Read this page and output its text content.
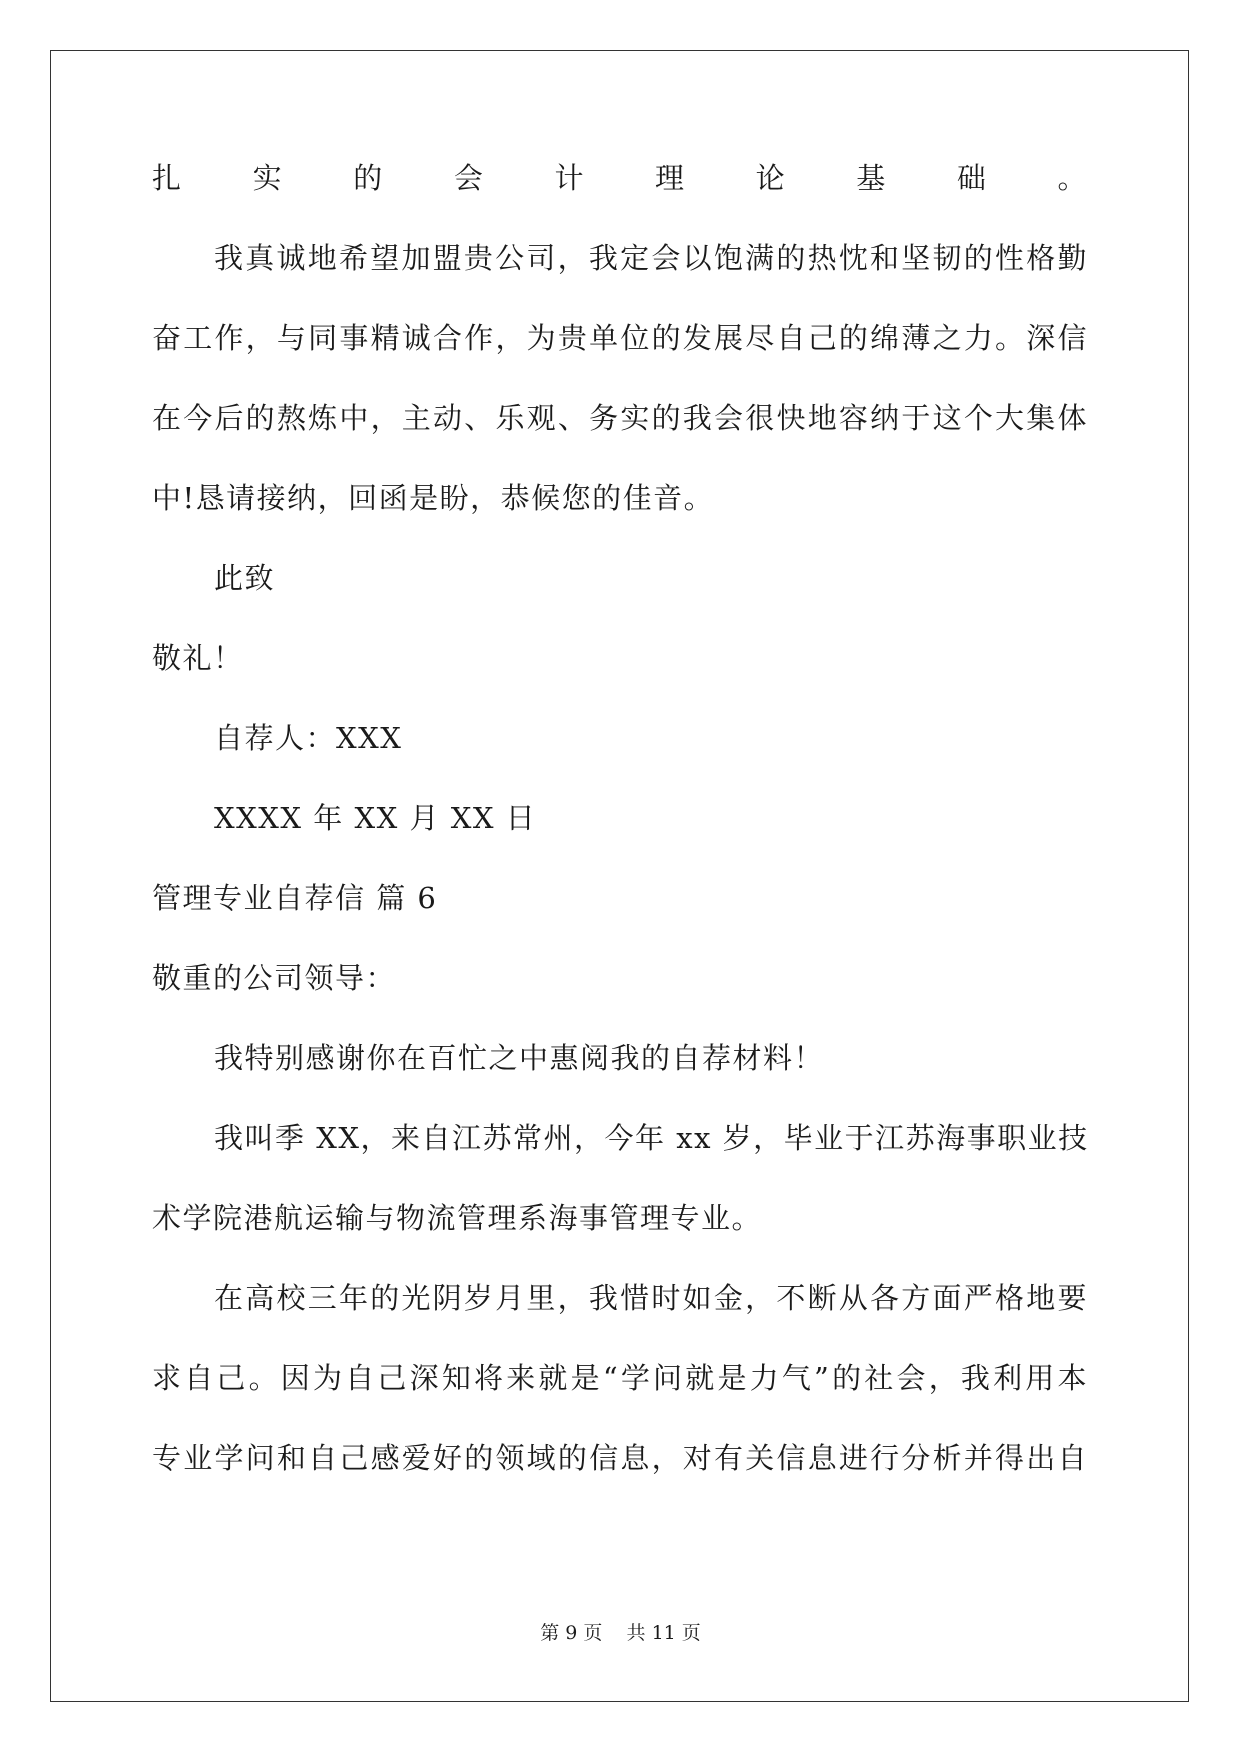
扎实的会计理论基础。
我真诚地希望加盟贵公司，我定会以饱满的热忱和坚韧的性格勤
奋工作，与同事精诚合作，为贵单位的发展尽自己的绵薄之力。深信
在今后的熬炼中，主动、乐观、务实的我会很快地容纳于这个大集体
中!恳请接纳，回函是盼，恭候您的佳音。
此致
敬礼！
自荐人：XXX
XXXX 年 XX 月 XX 日
管理专业自荐信 篇 6
敬重的公司领导：
我特别感谢你在百忙之中惠阅我的自荐材料！
我叫季 XX，来自江苏常州，今年 xx 岁，毕业于江苏海事职业技
术学院港航运输与物流管理系海事管理专业。
在高校三年的光阴岁月里，我惜时如金，不断从各方面严格地要
求自己。因为自己深知将来就是“学问就是力气”的社会，我利用本
专业学问和自己感爱好的领域的信息，对有关信息进行分析并得出自
第 9 页 共 11 页
